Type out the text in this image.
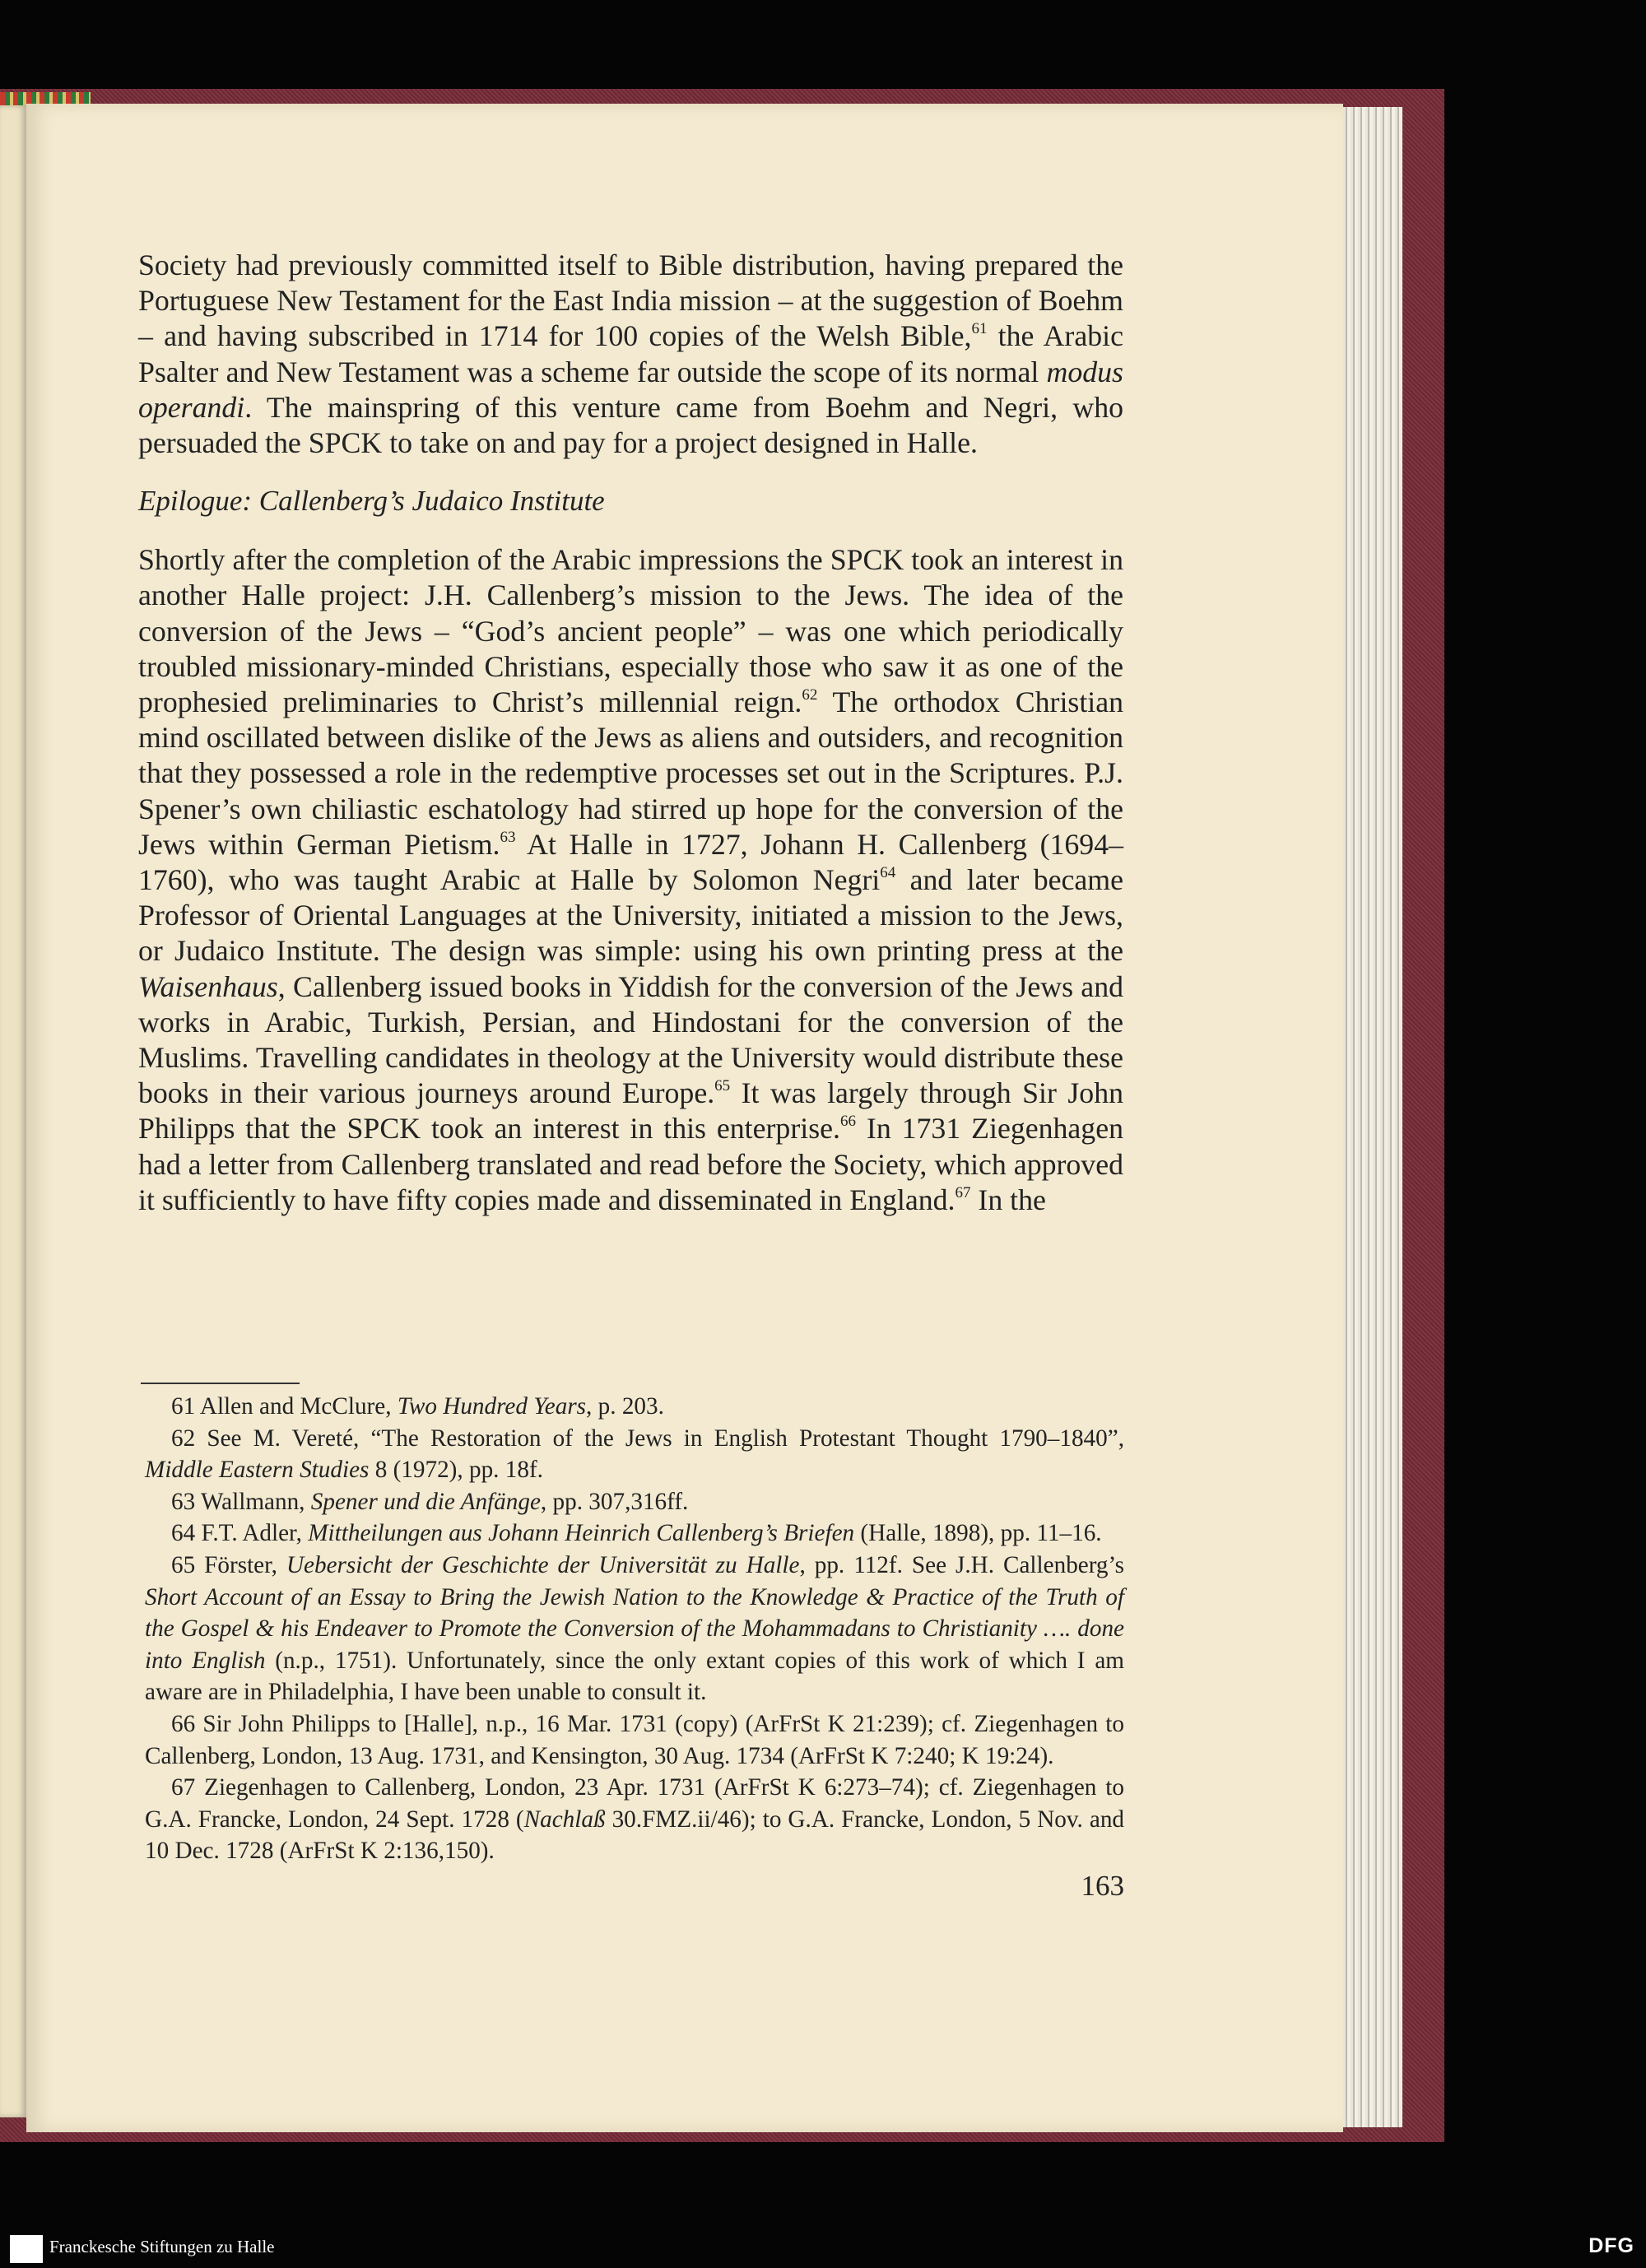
Society had previously committed itself to Bible distribution, having prepared the Portuguese New Testament for the East India mission – at the suggestion of Boehm – and having subscribed in 1714 for 100 copies of the Welsh Bible,$^{61}$ the Arabic Psalter and New Testament was a scheme far outside the scope of its normal modus operandi. The mainspring of this venture came from Boehm and Negri, who persuaded the SPCK to take on and pay for a project designed in Halle.

Epilogue: Callenberg’s Judaico Institute

Shortly after the completion of the Arabic impressions the SPCK took an interest in another Halle project: J.H. Callenberg’s mission to the Jews. The idea of the conversion of the Jews – “God’s ancient people” – was one which periodically troubled missionary-minded Christians, especially those who saw it as one of the prophesied preliminaries to Christ’s millennial reign.$^{62}$ The orthodox Christian mind oscillated between dislike of the Jews as aliens and outsiders, and recognition that they possessed a role in the redemptive processes set out in the Scriptures. P.J. Spener’s own chiliastic eschatology had stirred up hope for the conversion of the Jews within German Pietism.$^{63}$ At Halle in 1727, Johann H. Callenberg (1694–1760), who was taught Arabic at Halle by Solomon Negri$^{64}$ and later became Professor of Oriental Languages at the University, initiated a mission to the Jews, or Judaico Institute. The design was simple: using his own printing press at the Waisenhaus, Callenberg issued books in Yiddish for the conversion of the Jews and works in Arabic, Turkish, Persian, and Hindostani for the conversion of the Muslims. Travelling candidates in theology at the University would distribute these books in their various journeys around Europe.$^{65}$ It was largely through Sir John Philipps that the SPCK took an interest in this enterprise.$^{66}$ In 1731 Ziegenhagen had a letter from Callenberg translated and read before the Society, which approved it sufficiently to have fifty copies made and disseminated in England.$^{67}$ In the

61 Allen and McClure, Two Hundred Years, p. 203.

62 See M. Vereté, “The Restoration of the Jews in English Protestant Thought 1790–1840”, Middle Eastern Studies 8 (1972), pp. 18f.

63 Wallmann, Spener und die Anfänge, pp. 307,316ff.

64 F.T. Adler, Mittheilungen aus Johann Heinrich Callenberg’s Briefen (Halle, 1898), pp. 11–16.

65 Förster, Uebersicht der Geschichte der Universität zu Halle, pp. 112f. See J.H. Callenberg’s Short Account of an Essay to Bring the Jewish Nation to the Knowledge & Practice of the Truth of the Gospel & his Endeaver to Promote the Conversion of the Mohammadans to Christianity …. done into English (n.p., 1751). Unfortunately, since the only extant copies of this work of which I am aware are in Philadelphia, I have been unable to consult it.

66 Sir John Philipps to [Halle], n.p., 16 Mar. 1731 (copy) (ArFrSt K 21:239); cf. Ziegenhagen to Callenberg, London, 13 Aug. 1731, and Kensington, 30 Aug. 1734 (ArFrSt K 7:240; K 19:24).

67 Ziegenhagen to Callenberg, London, 23 Apr. 1731 (ArFrSt K 6:273–74); cf. Ziegenhagen to G.A. Francke, London, 24 Sept. 1728 (Nachlaß 30.FMZ.ii/46); to G.A. Francke, London, 5 Nov. and 10 Dec. 1728 (ArFrSt K 2:136,150).

163
Franckesche Stiftungen zu Halle	DFG
